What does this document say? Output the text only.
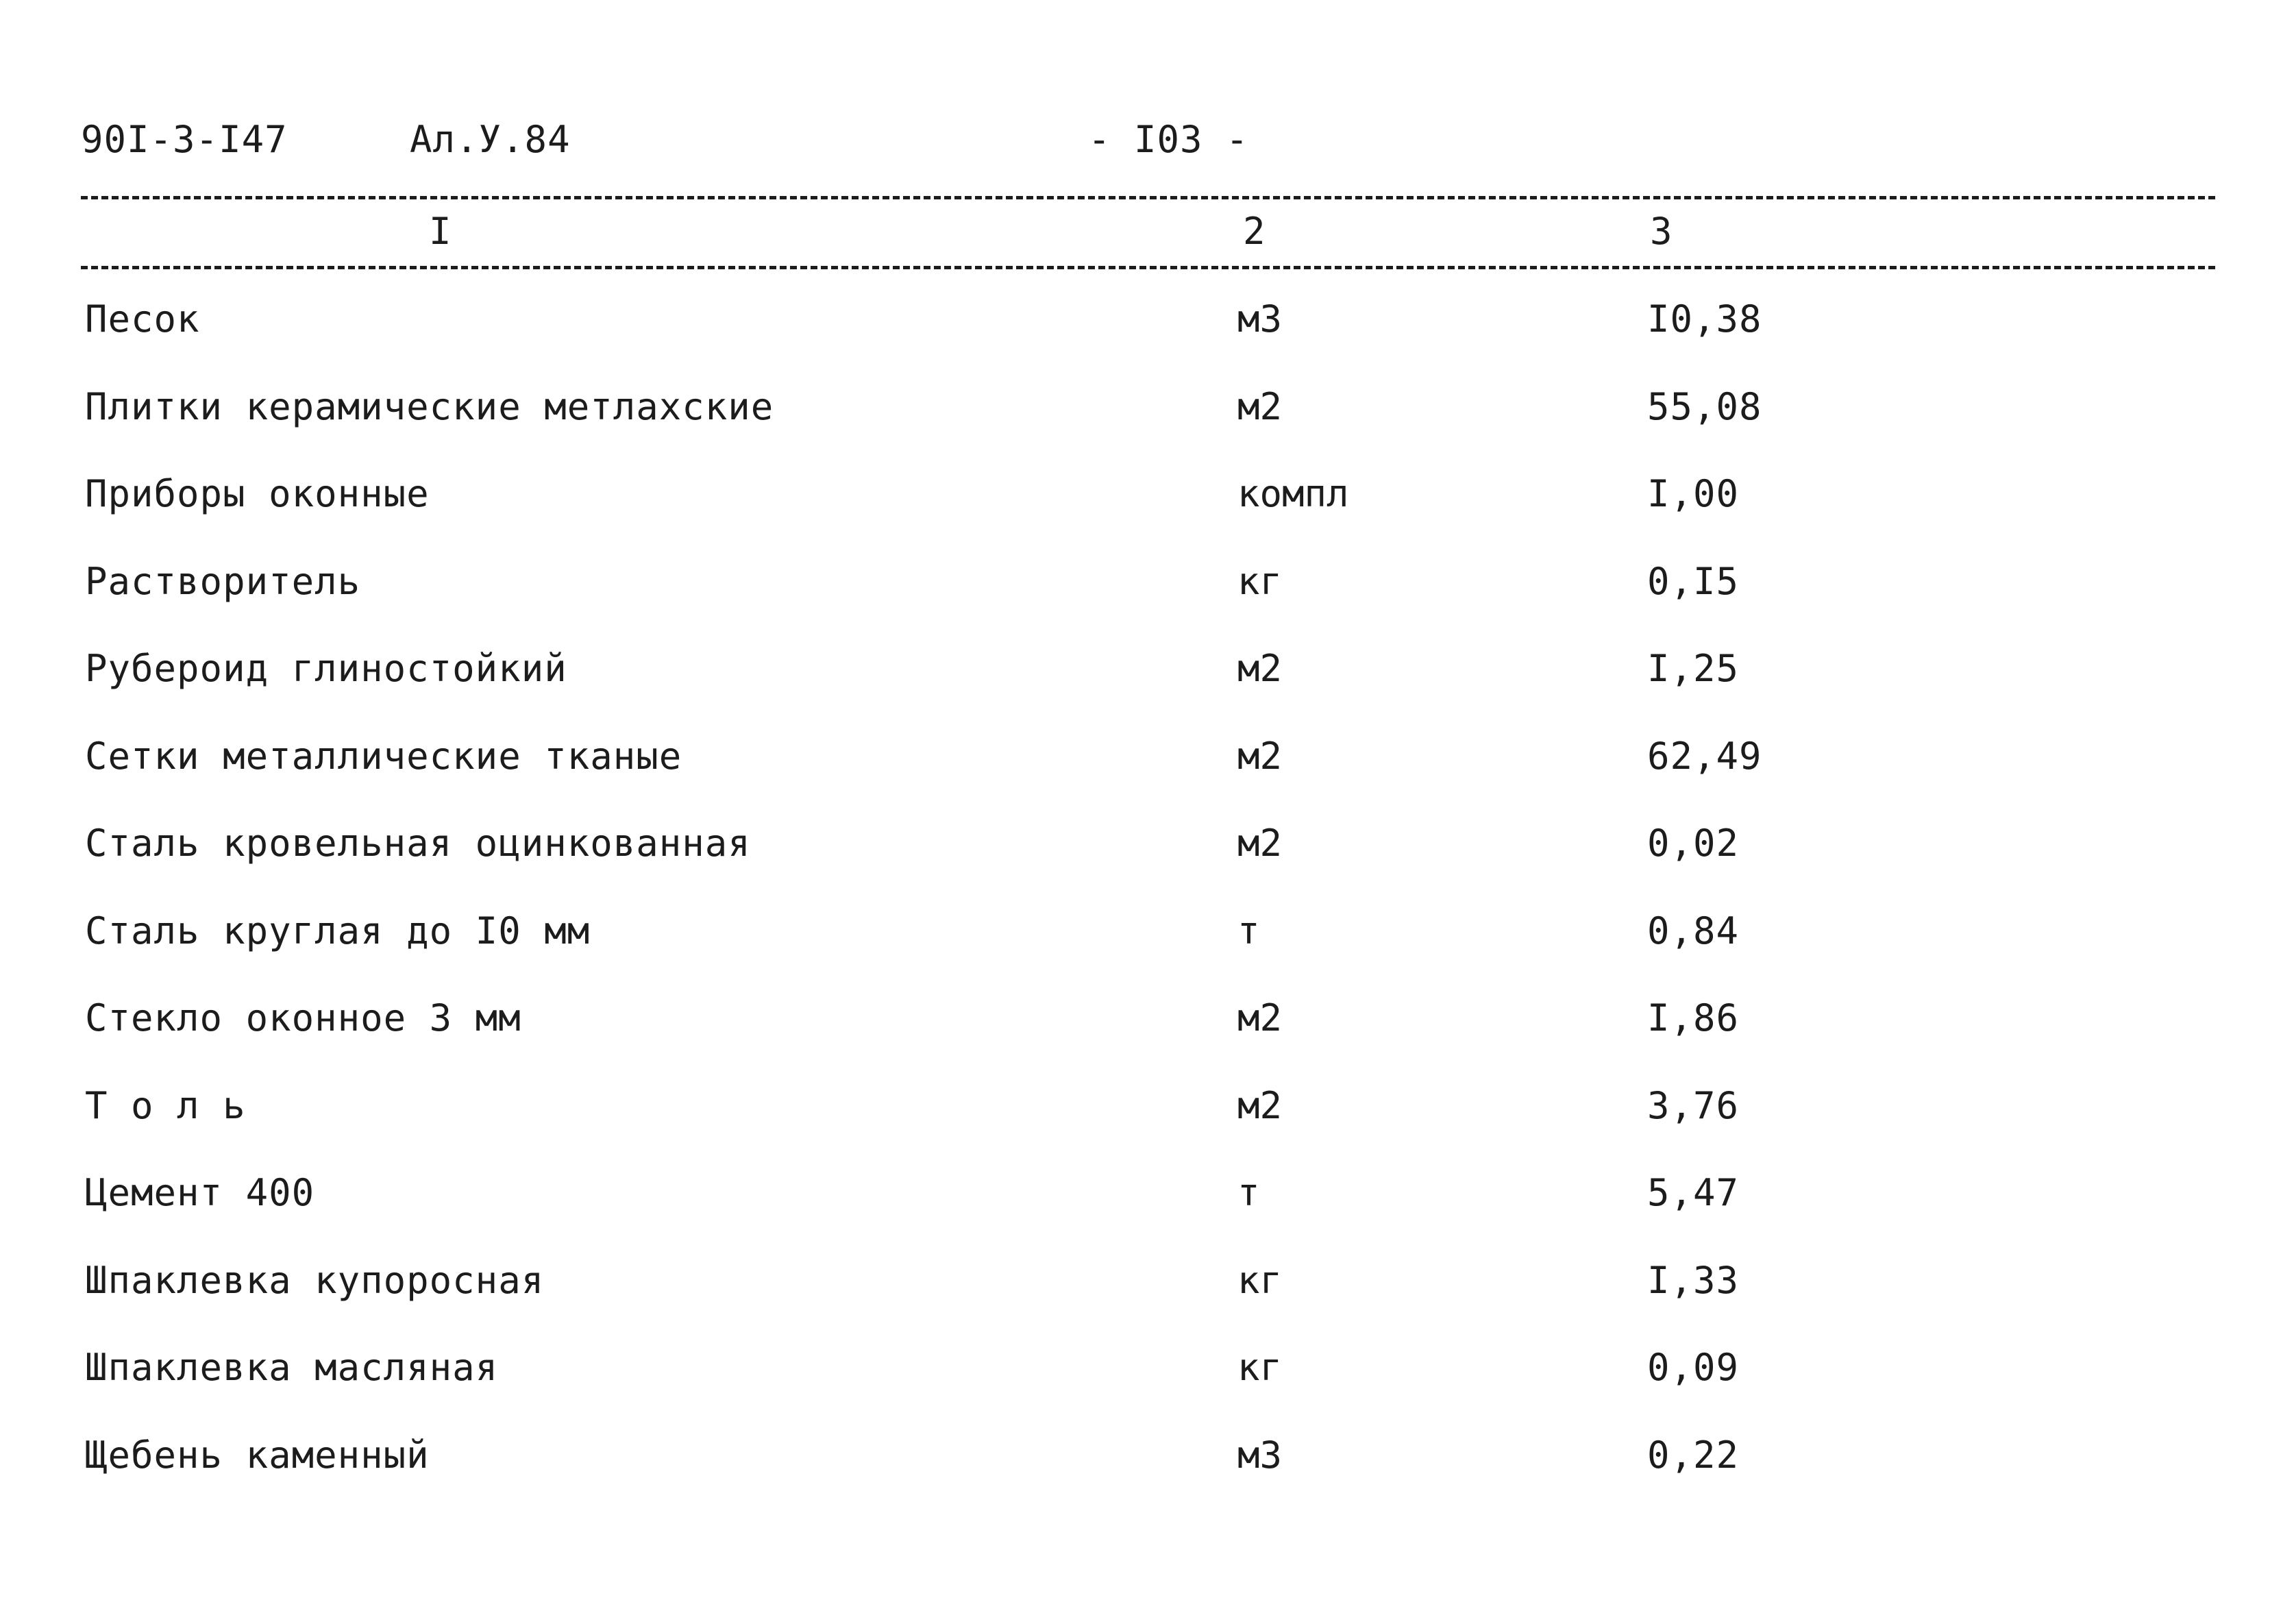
90I-3-I47	Ал.У.84	- I03 -
I	2	3
Песок	м3	I0,38
Плитки керамические метлахские	м2	55,08
Приборы оконные	компл	I,00
Растворитель	кг	0,I5
Рубероид глиностойкий	м2	I,25
Сетки металлические тканые	м2	62,49
Сталь кровельная оцинкованная	м2	0,02
Сталь круглая до I0 мм	т	0,84
Стекло оконное 3 мм	м2	I,86
Т о л ь	м2	3,76
Цемент 400	т	5,47
Шпаклевка купоросная	кг	I,33
Шпаклевка масляная	кг	0,09
Щебень каменный	м3	0,22
